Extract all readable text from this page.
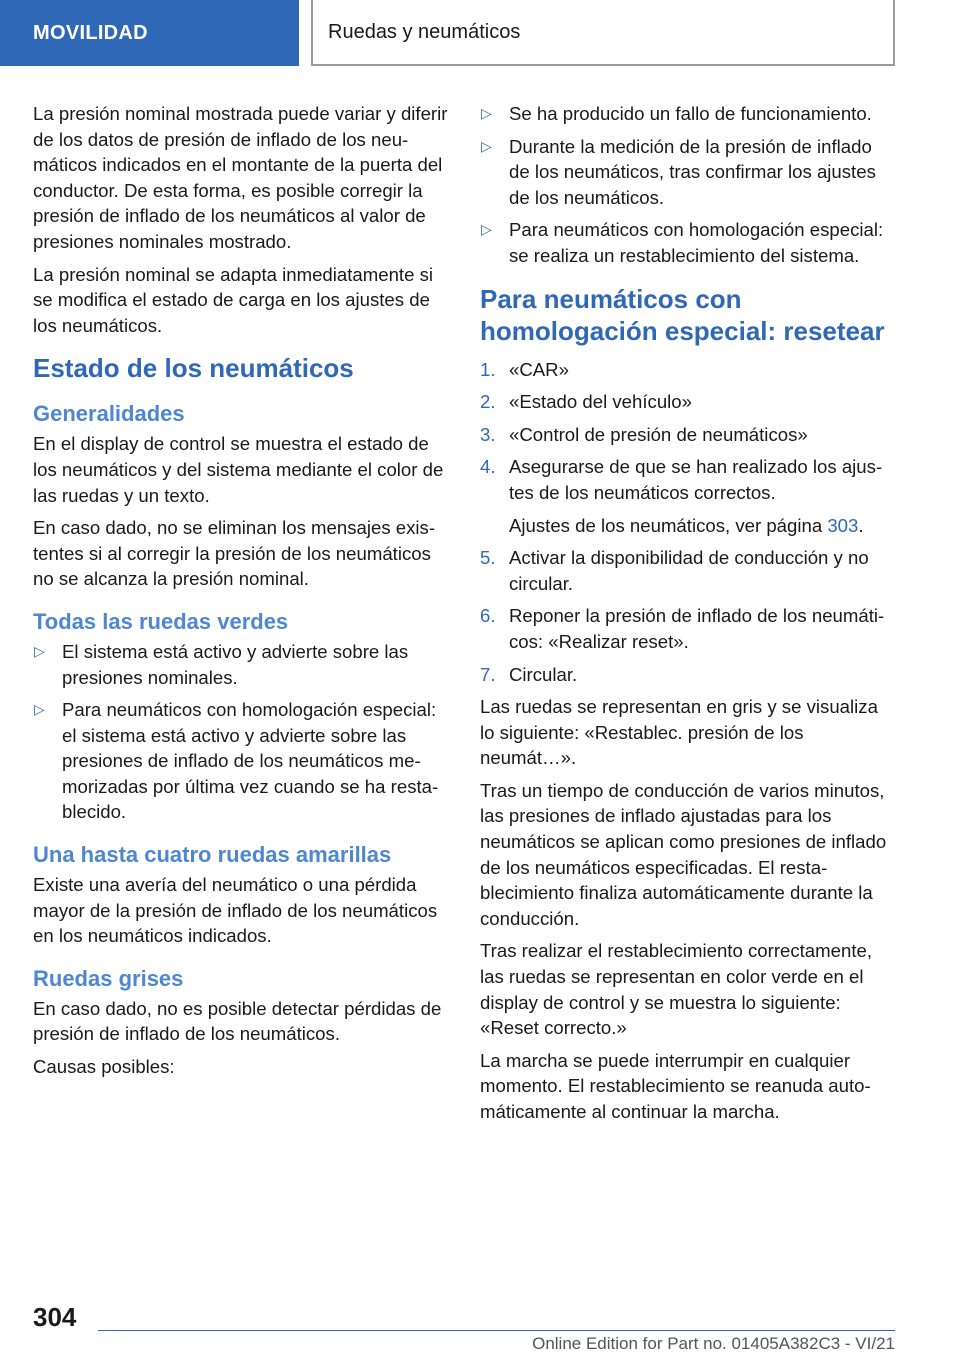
MOVILIDAD	Ruedas y neumáticos

La presión nominal mostrada puede variar y diferir de los datos de presión de inflado de los neumáticos indicados en el montante de la puerta del conductor. De esta forma, es posible corregir la presión de inflado de los neumáticos al valor de presiones nominales mostrado.

La presión nominal se adapta inmediatamente si se modifica el estado de carga en los ajustes de los neumáticos.

Estado de los neumáticos
Generalidades

En el display de control se muestra el estado de los neumáticos y del sistema mediante el color de las ruedas y un texto.

En caso dado, no se eliminan los mensajes existentes si al corregir la presión de los neumáticos no se alcanza la presión nominal.

Todas las ruedas verdes
▷ El sistema está activo y advierte sobre las presiones nominales.
▷ Para neumáticos con homologación especial: el sistema está activo y advierte sobre las presiones de inflado de los neumáticos memorizadas por última vez cuando se ha restablecido.
Una hasta cuatro ruedas amarillas

Existe una avería del neumático o una pérdida mayor de la presión de inflado de los neumáticos en los neumáticos indicados.

Ruedas grises

En caso dado, no es posible detectar pérdidas de presión de inflado de los neumáticos.

Causas posibles:

▷ Se ha producido un fallo de funcionamiento.
▷ Durante la medición de la presión de inflado de los neumáticos, tras confirmar los ajustes de los neumáticos.
▷ Para neumáticos con homologación especial: se realiza un restablecimiento del sistema.
Para neumáticos con homologación especial: resetear
1. «CAR»
2. «Estado del vehículo»
3. «Control de presión de neumáticos»
4. Asegurarse de que se han realizado los ajustes de los neumáticos correctos.
Ajustes de los neumáticos, ver página 303.
5. Activar la disponibilidad de conducción y no circular.
6. Reponer la presión de inflado de los neumáticos: «Realizar reset».
7. Circular.

Las ruedas se representan en gris y se visualiza lo siguiente: «Restablec. presión de los neumát…».

Tras un tiempo de conducción de varios minutos, las presiones de inflado ajustadas para los neumáticos se aplican como presiones de inflado de los neumáticos especificadas. El restablecimiento finaliza automáticamente durante la conducción.

Tras realizar el restablecimiento correctamente, las ruedas se representan en color verde en el display de control y se muestra lo siguiente: «Reset correcto.»

La marcha se puede interrumpir en cualquier momento. El restablecimiento se reanuda automáticamente al continuar la marcha.

304
Online Edition for Part no. 01405A382C3 - VI/21
